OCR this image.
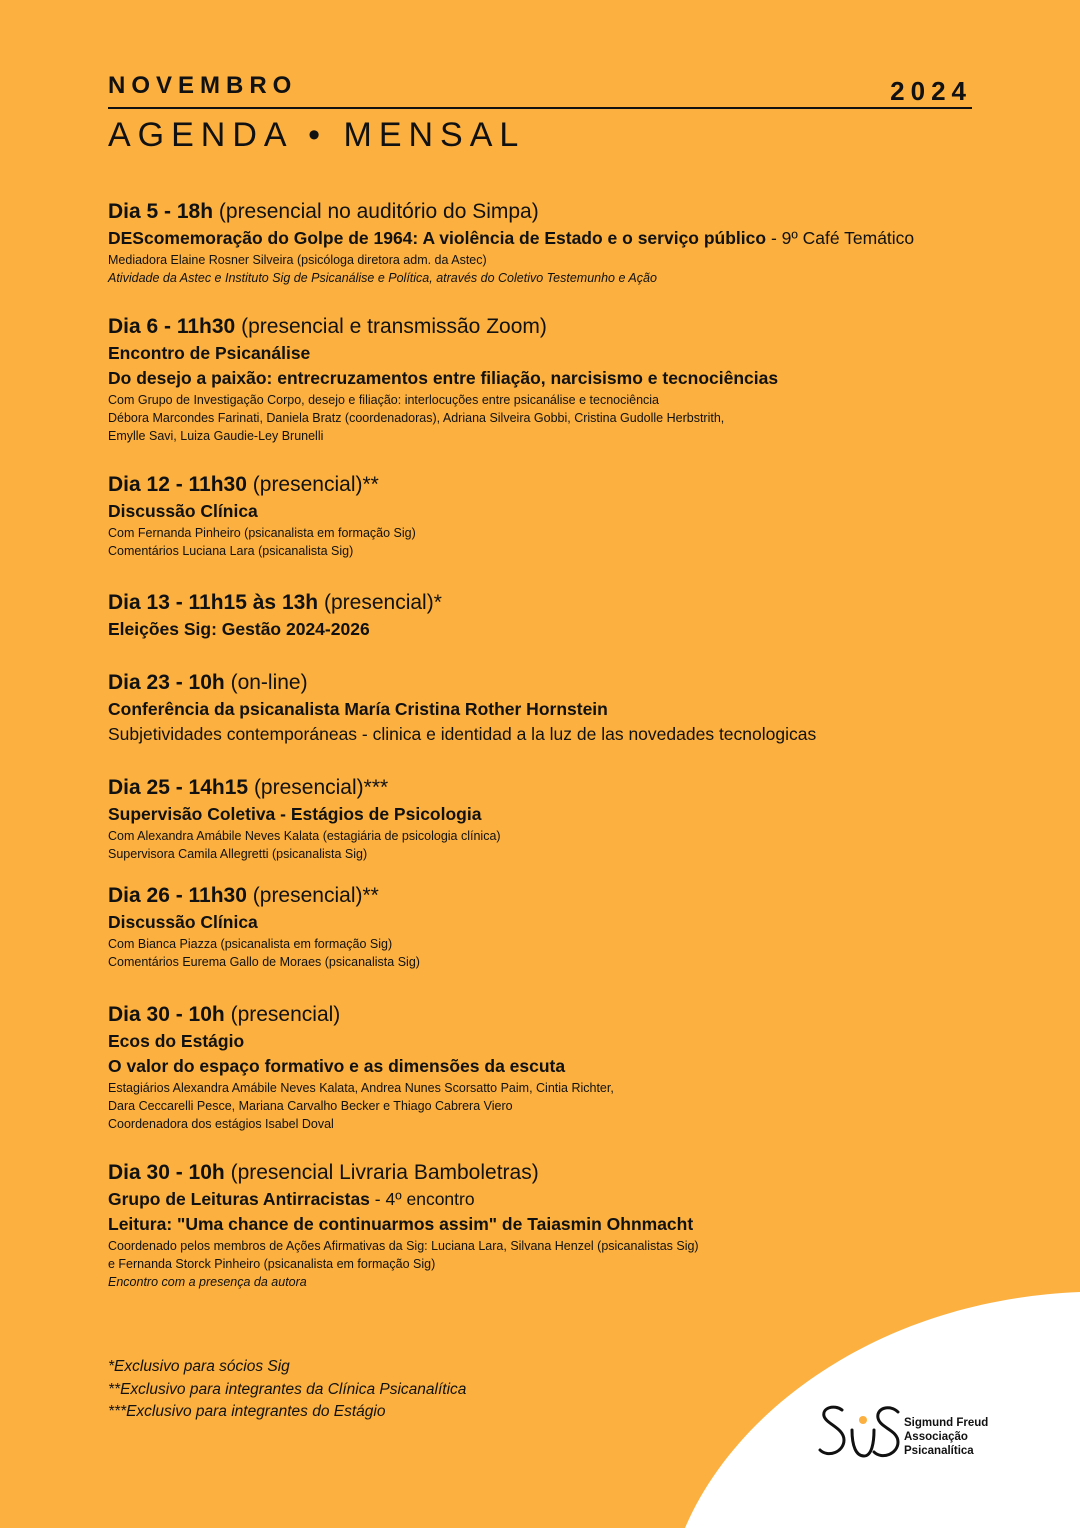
NOVEMBRO	2024
AGENDA • MENSAL
Dia 5 - 18h (presencial no auditório do Simpa)
DEScomemoração do Golpe de 1964: A violência de Estado e o serviço público - 9º Café Temático
Mediadora Elaine Rosner Silveira (psicóloga diretora adm. da Astec)
Atividade da Astec e Instituto Sig de Psicanálise e Política, através do Coletivo Testemunho e Ação
Dia 6 - 11h30 (presencial e transmissão Zoom)
Encontro de Psicanálise
Do desejo a paixão: entrecruzamentos entre filiação, narcisismo e tecnociências
Com Grupo de Investigação Corpo, desejo e filiação: interlocuções entre psicanálise e tecnociência
Débora Marcondes Farinati, Daniela Bratz (coordenadoras), Adriana Silveira Gobbi, Cristina Gudolle Herbstrith,
Emylle Savi, Luiza Gaudie-Ley Brunelli
Dia 12 - 11h30 (presencial)**
Discussão Clínica
Com Fernanda Pinheiro (psicanalista em formação Sig)
Comentários Luciana Lara (psicanalista Sig)
Dia 13 - 11h15 às 13h (presencial)*
Eleições Sig: Gestão 2024-2026
Dia 23 - 10h (on-line)
Conferência da psicanalista María Cristina Rother Hornstein
Subjetividades contemporáneas - clinica e identidad a la luz de las novedades tecnologicas
Dia 25 - 14h15 (presencial)***
Supervisão Coletiva - Estágios de Psicologia
Com Alexandra Amábile Neves Kalata (estagiária de psicologia clínica)
Supervisora Camila Allegretti (psicanalista Sig)
Dia 26 - 11h30 (presencial)**
Discussão Clínica
Com Bianca Piazza (psicanalista em formação Sig)
Comentários Eurema Gallo de Moraes (psicanalista Sig)
Dia 30 - 10h (presencial)
Ecos do Estágio
O valor do espaço formativo e as dimensões da escuta
Estagiários Alexandra Amábile Neves Kalata, Andrea Nunes Scorsatto Paim, Cintia Richter,
Dara Ceccarelli Pesce, Mariana Carvalho Becker e Thiago Cabrera Viero
Coordenadora dos estágios Isabel Doval
Dia 30 - 10h (presencial Livraria Bamboletras)
Grupo de Leituras Antirracistas - 4º encontro
Leitura: "Uma chance de continuarmos assim" de Taiasmin Ohnmacht
Coordenado pelos membros de Ações Afirmativas da Sig: Luciana Lara, Silvana Henzel (psicanalistas Sig)
e Fernanda Storck Pinheiro (psicanalista em formação Sig)
Encontro com a presença da autora
*Exclusivo para sócios Sig
**Exclusivo para integrantes da Clínica Psicanalítica
***Exclusivo para integrantes do Estágio
Sigmund Freud
Associação
Psicanalítica
